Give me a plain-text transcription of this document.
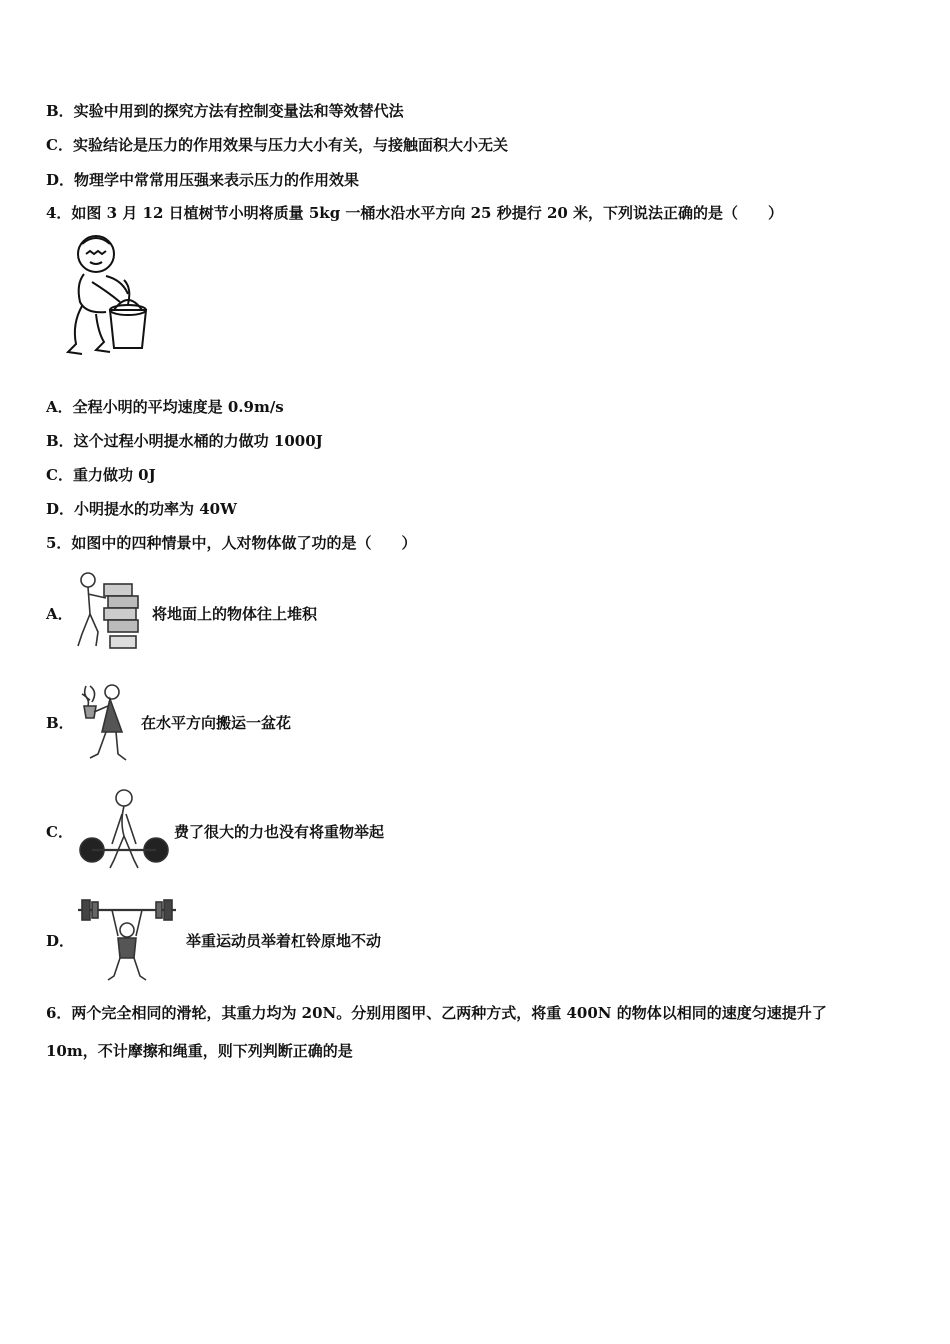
B．实验中用到的探究方法有控制变量法和等效替代法
C．实验结论是压力的作用效果与压力大小有关，与接触面积大小无关
D．物理学中常常用压强来表示压力的作用效果
4．如图 3 月 12 日植树节小明将质量 5kg 一桶水沿水平方向 25 秒提行 20 米，下列说法正确的是（　　）
A．全程小明的平均速度是 0.9m/s
B．这个过程小明提水桶的力做功 1000J
C．重力做功 0J
D．小明提水的功率为 40W
5．如图中的四种情景中，人对物体做了功的是（　　）
A．	将地面上的物体往上堆积
B．	在水平方向搬运一盆花
C．	费了很大的力也没有将重物举起
D．	举重运动员举着杠铃原地不动
6．两个完全相同的滑轮，其重力均为 20N。分别用图甲、乙两种方式，将重 400N 的物体以相同的速度匀速提升了
10m，不计摩擦和绳重，则下列判断正确的是
